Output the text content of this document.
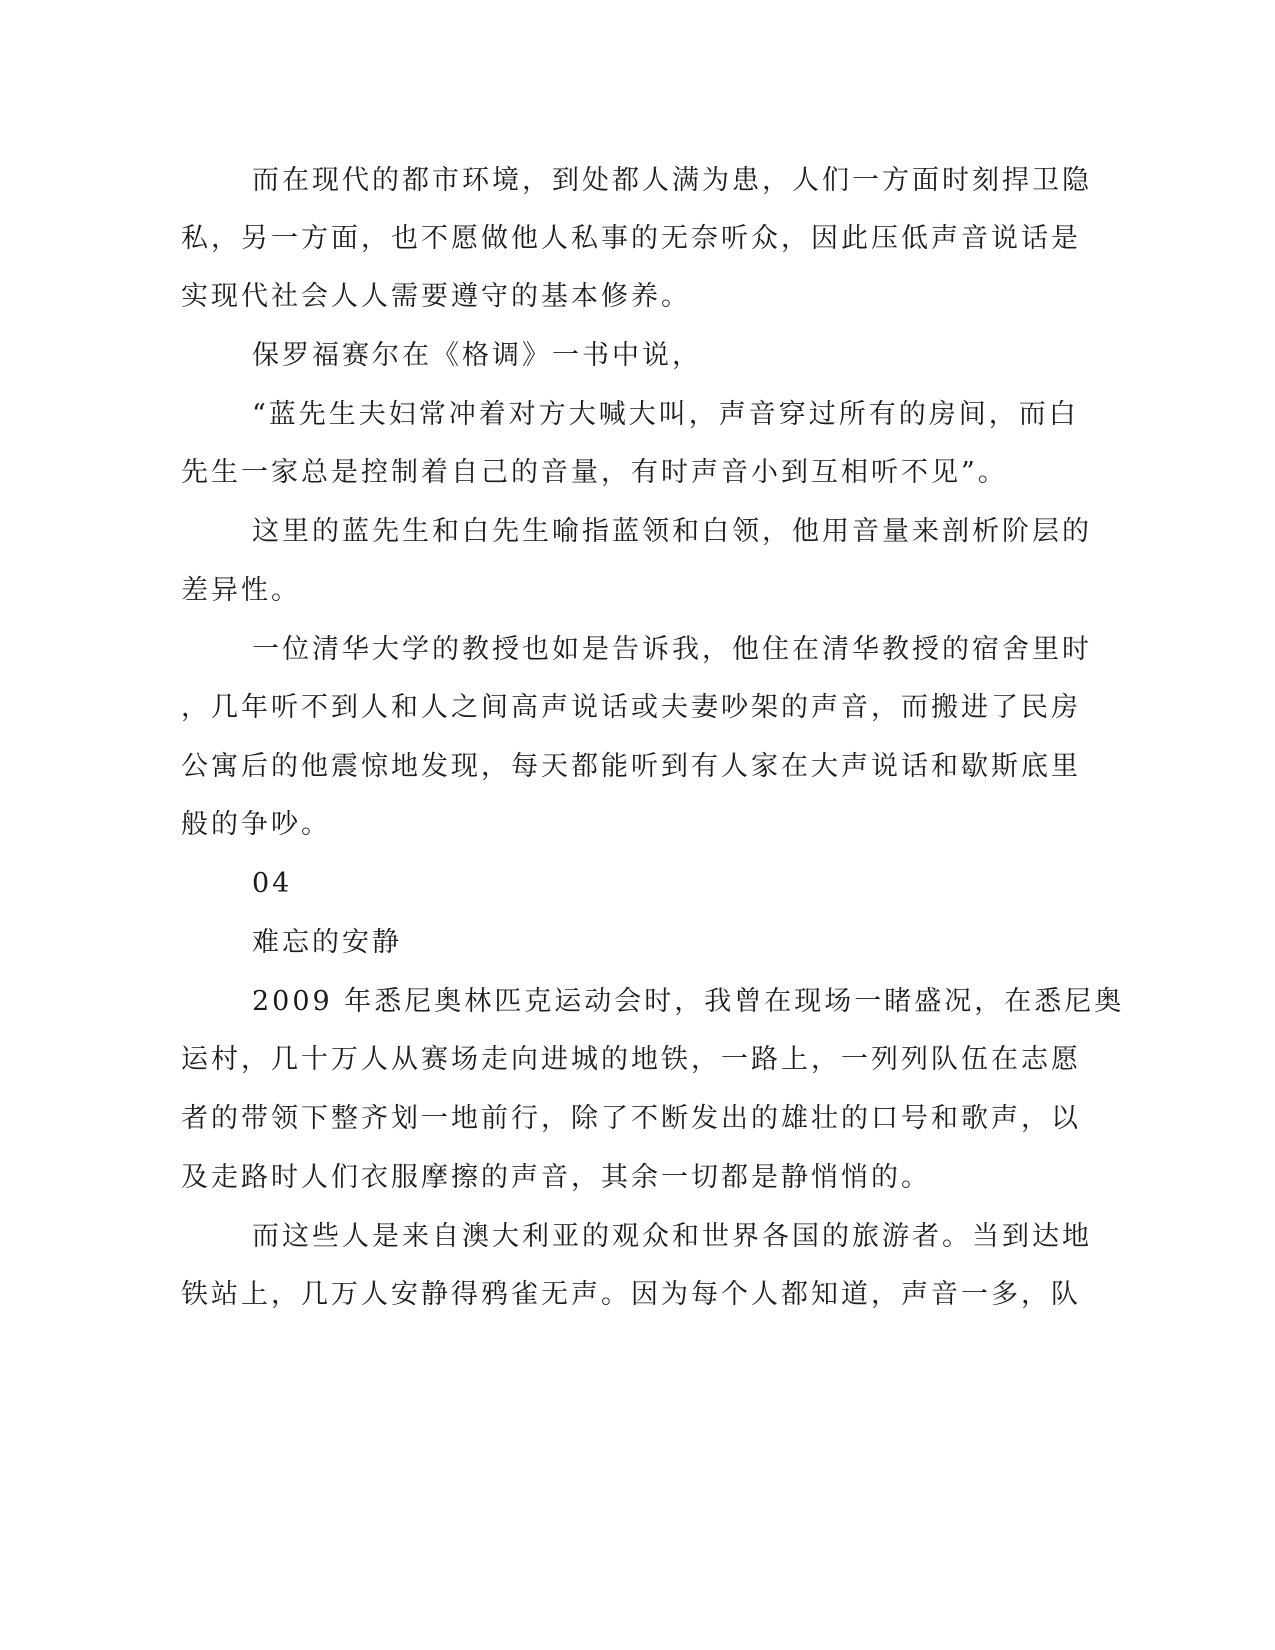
而在现代的都市环境，到处都人满为患，人们一方面时刻捍卫隐

私，另一方面，也不愿做他人私事的无奈听众，因此压低声音说话是

实现代社会人人需要遵守的基本修养。

保罗福赛尔在《格调》一书中说，

“蓝先生夫妇常冲着对方大喊大叫，声音穿过所有的房间，而白

先生一家总是控制着自己的音量，有时声音小到互相听不见”。

这里的蓝先生和白先生喻指蓝领和白领，他用音量来剖析阶层的

差异性。

一位清华大学的教授也如是告诉我，他住在清华教授的宿舍里时

，几年听不到人和人之间高声说话或夫妻吵架的声音，而搬进了民房

公寓后的他震惊地发现，每天都能听到有人家在大声说话和歇斯底里

般的争吵。

04

难忘的安静

2009 年悉尼奥林匹克运动会时，我曾在现场一睹盛况，在悉尼奥

运村，几十万人从赛场走向进城的地铁，一路上，一列列队伍在志愿

者的带领下整齐划一地前行，除了不断发出的雄壮的口号和歌声，以

及走路时人们衣服摩擦的声音，其余一切都是静悄悄的。

而这些人是来自澳大利亚的观众和世界各国的旅游者。当到达地

铁站上，几万人安静得鸦雀无声。因为每个人都知道，声音一多，队
